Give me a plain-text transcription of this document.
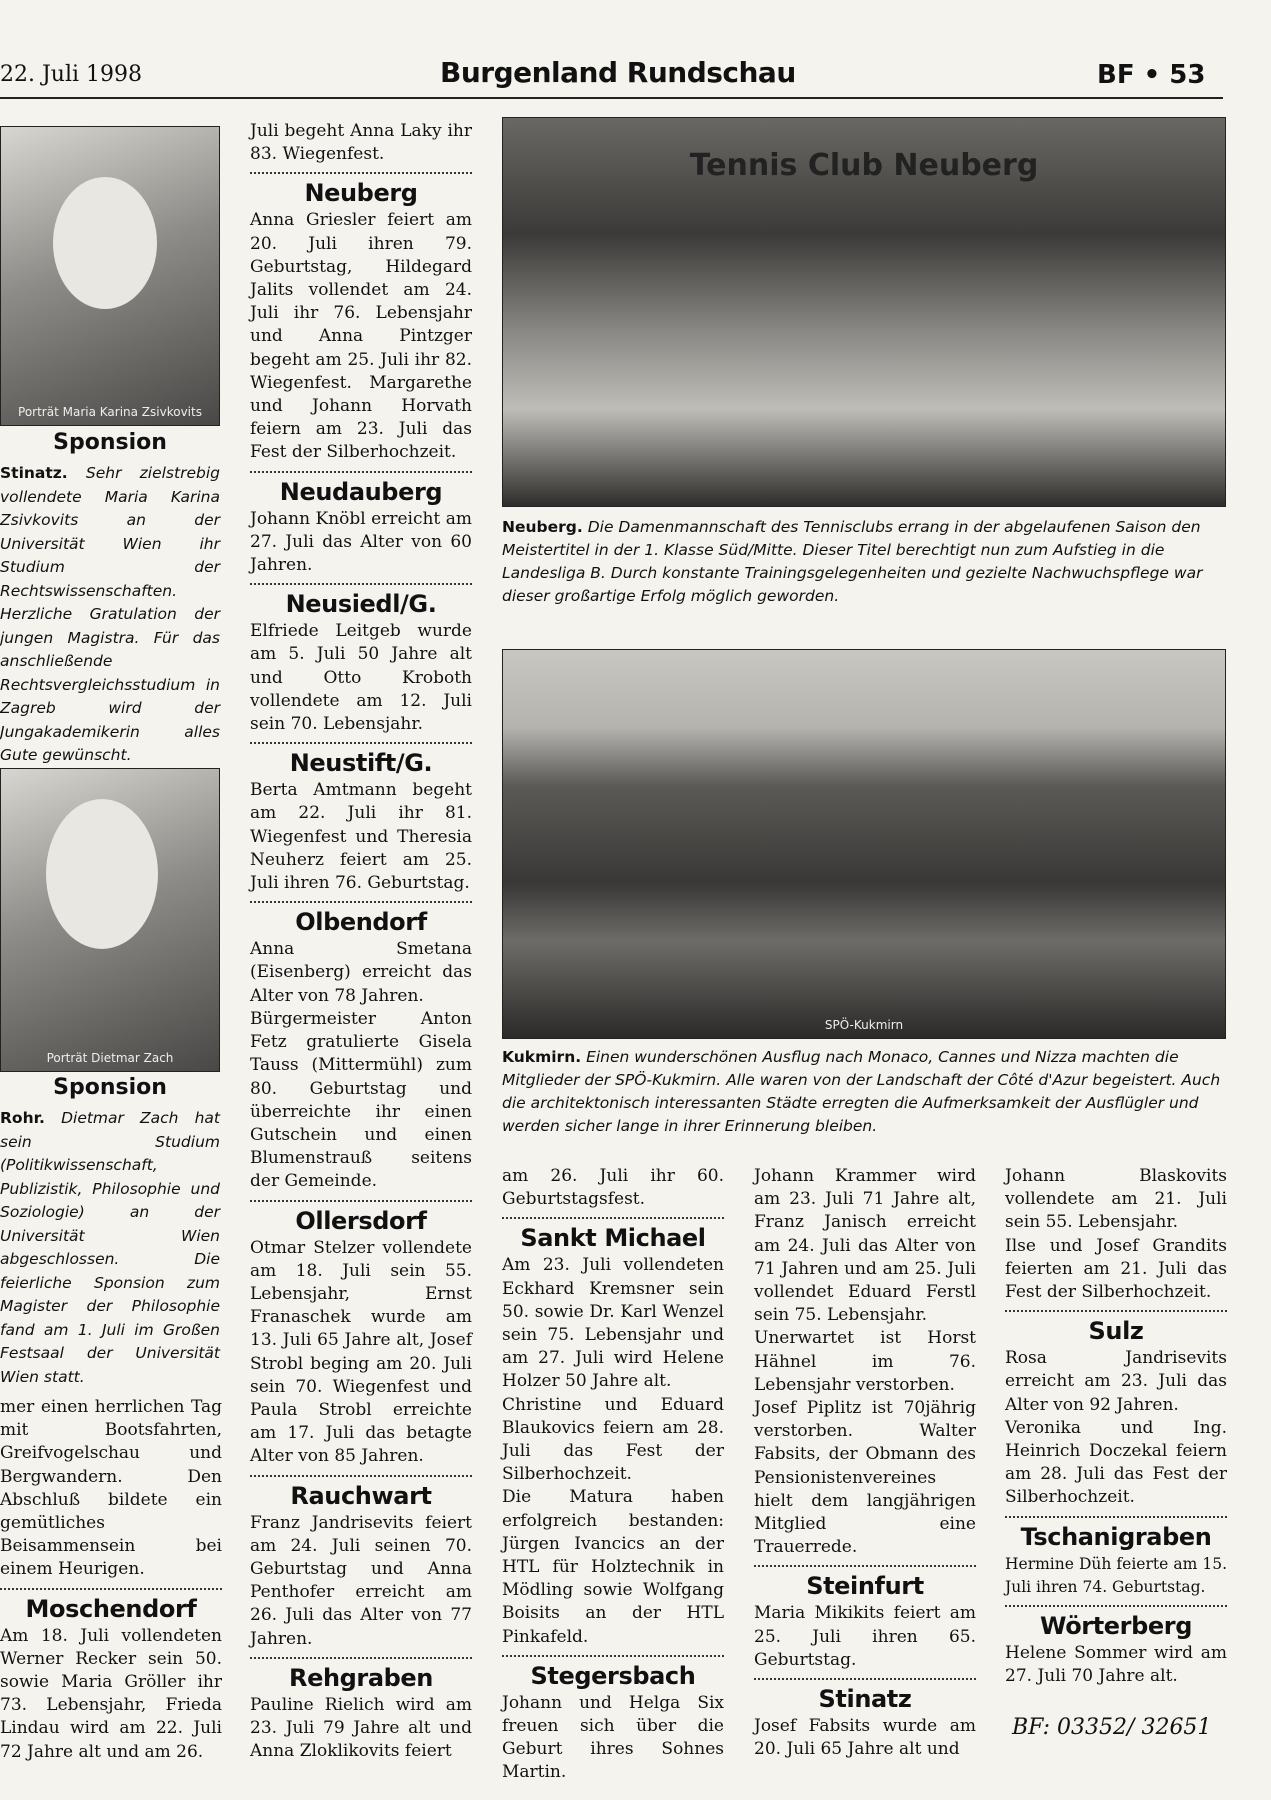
22. Juli 1998	Burgenland Rundschau	BF • 53
Porträt Maria Karina Zsivkovits
Sponsion
Stinatz. Sehr zielstrebig vollendete Maria Karina Zsivkovits an der Universität Wien ihr Studium der Rechtswissenschaften. Herzliche Gratulation der jungen Magistra. Für das anschließende Rechtsvergleichsstudium in Zagreb wird der Jungakademikerin alles Gute gewünscht.
Porträt Dietmar Zach
Sponsion
Rohr. Dietmar Zach hat sein Studium (Politikwissenschaft, Publizistik, Philosophie und Soziologie) an der Universität Wien abgeschlossen. Die feierliche Sponsion zum Magister der Philosophie fand am 1. Juli im Großen Festsaal der Universität Wien statt.

mer einen herrlichen Tag mit Bootsfahrten, Greifvogelschau und Bergwandern. Den Abschluß bildete ein gemütliches Beisammensein bei einem Heurigen.

Moschendorf

Am 18. Juli vollendeten Werner Recker sein 50. sowie Maria Gröller ihr 73. Lebensjahr, Frieda Lindau wird am 22. Juli 72 Jahre alt und am 26.

Juli begeht Anna Laky ihr 83. Wiegenfest.

Neuberg

Anna Griesler feiert am 20. Juli ihren 79. Geburtstag, Hildegard Jalits vollendet am 24. Juli ihr 76. Lebensjahr und Anna Pintzger begeht am 25. Juli ihr 82. Wiegenfest. Margarethe und Johann Horvath feiern am 23. Juli das Fest der Silberhochzeit.

Neudauberg

Johann Knöbl erreicht am 27. Juli das Alter von 60 Jahren.

Neusiedl/G.

Elfriede Leitgeb wurde am 5. Juli 50 Jahre alt und Otto Kroboth vollendete am 12. Juli sein 70. Lebensjahr.

Neustift/G.

Berta Amtmann begeht am 22. Juli ihr 81. Wiegenfest und Theresia Neuherz feiert am 25. Juli ihren 76. Geburtstag.

Olbendorf

Anna Smetana (Eisenberg) erreicht das Alter von 78 Jahren.

Bürgermeister Anton Fetz gratulierte Gisela Tauss (Mittermühl) zum 80. Geburtstag und überreichte ihr einen Gutschein und einen Blumenstrauß seitens der Gemeinde.

Ollersdorf

Otmar Stelzer vollendete am 18. Juli sein 55. Lebensjahr, Ernst Franaschek wurde am 13. Juli 65 Jahre alt, Josef Strobl beging am 20. Juli sein 70. Wiegenfest und Paula Strobl erreichte am 17. Juli das betagte Alter von 85 Jahren.

Rauchwart

Franz Jandrisevits feiert am 24. Juli seinen 70. Geburtstag und Anna Penthofer erreicht am 26. Juli das Alter von 77 Jahren.

Rehgraben

Pauline Rielich wird am 23. Juli 79 Jahre alt und Anna Zloklikovits feiert

Tennis Club Neuberg
Neuberg. Die Damenmannschaft des Tennisclubs errang in der abgelaufenen Saison den Meistertitel in der 1. Klasse Süd/Mitte. Dieser Titel berechtigt nun zum Aufstieg in die Landesliga B. Durch konstante Trainingsgelegenheiten und gezielte Nachwuchspflege war dieser großartige Erfolg möglich geworden.
SPÖ-Kukmirn
Kukmirn. Einen wunderschönen Ausflug nach Monaco, Cannes und Nizza machten die Mitglieder der SPÖ-Kukmirn. Alle waren von der Landschaft der Côté d'Azur begeistert. Auch die architektonisch interessanten Städte erregten die Aufmerksamkeit der Ausflügler und werden sicher lange in ihrer Erinnerung bleiben.

am 26. Juli ihr 60. Geburtstagsfest.

Sankt Michael

Am 23. Juli vollendeten Eckhard Kremsner sein 50. sowie Dr. Karl Wenzel sein 75. Lebensjahr und am 27. Juli wird Helene Holzer 50 Jahre alt.

Christine und Eduard Blaukovics feiern am 28. Juli das Fest der Silberhochzeit.

Die Matura haben erfolgreich bestanden: Jürgen Ivancics an der HTL für Holztechnik in Mödling sowie Wolfgang Boisits an der HTL Pinkafeld.

Stegersbach

Johann und Helga Six freuen sich über die Geburt ihres Sohnes Martin.

Johann Krammer wird am 23. Juli 71 Jahre alt, Franz Janisch erreicht am 24. Juli das Alter von 71 Jahren und am 25. Juli vollendet Eduard Ferstl sein 75. Lebensjahr.

Unerwartet ist Horst Hähnel im 76. Lebensjahr verstorben.

Josef Piplitz ist 70jährig verstorben. Walter Fabsits, der Obmann des Pensionistenvereines hielt dem langjährigen Mitglied eine Trauerrede.

Steinfurt

Maria Mikikits feiert am 25. Juli ihren 65. Geburtstag.

Stinatz

Josef Fabsits wurde am 20. Juli 65 Jahre alt und

Johann Blaskovits vollendete am 21. Juli sein 55. Lebensjahr.

Ilse und Josef Grandits feierten am 21. Juli das Fest der Silberhochzeit.

Sulz

Rosa Jandrisevits erreicht am 23. Juli das Alter von 92 Jahren.

Veronika und Ing. Heinrich Doczekal feiern am 28. Juli das Fest der Silberhochzeit.

Tschanigraben

Hermine Düh feierte am 15. Juli ihren 74. Geburtstag.

Wörterberg

Helene Sommer wird am 27. Juli 70 Jahre alt.

BF: 03352/ 32651
